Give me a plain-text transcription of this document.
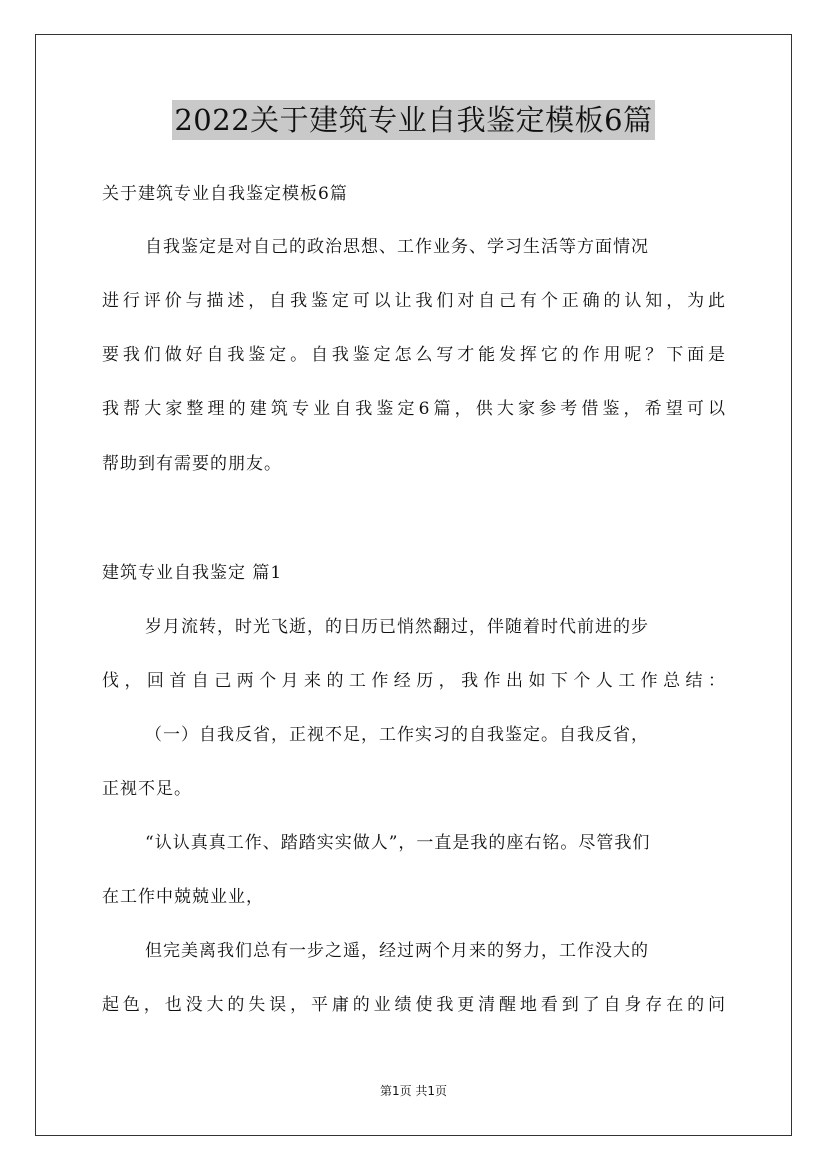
2022关于建筑专业自我鉴定模板6篇
关于建筑专业自我鉴定模板6篇
自我鉴定是对自己的政治思想、工作业务、学习生活等方面情况
进行评价与描述，自我鉴定可以让我们对自己有个正确的认知，为此
要我们做好自我鉴定。自我鉴定怎么写才能发挥它的作用呢？下面是
我帮大家整理的建筑专业自我鉴定6篇，供大家参考借鉴，希望可以
帮助到有需要的朋友。
建筑专业自我鉴定 篇1
岁月流转，时光飞逝，的日历已悄然翻过，伴随着时代前进的步
伐，回首自己两个月来的工作经历，我作出如下个人工作总结：
（一）自我反省，正视不足，工作实习的自我鉴定。自我反省，
正视不足。
“认认真真工作、踏踏实实做人”，一直是我的座右铭。尽管我们
在工作中兢兢业业，
但完美离我们总有一步之遥，经过两个月来的努力，工作没大的
起色，也没大的失误，平庸的业绩使我更清醒地看到了自身存在的问
第1页 共1页
